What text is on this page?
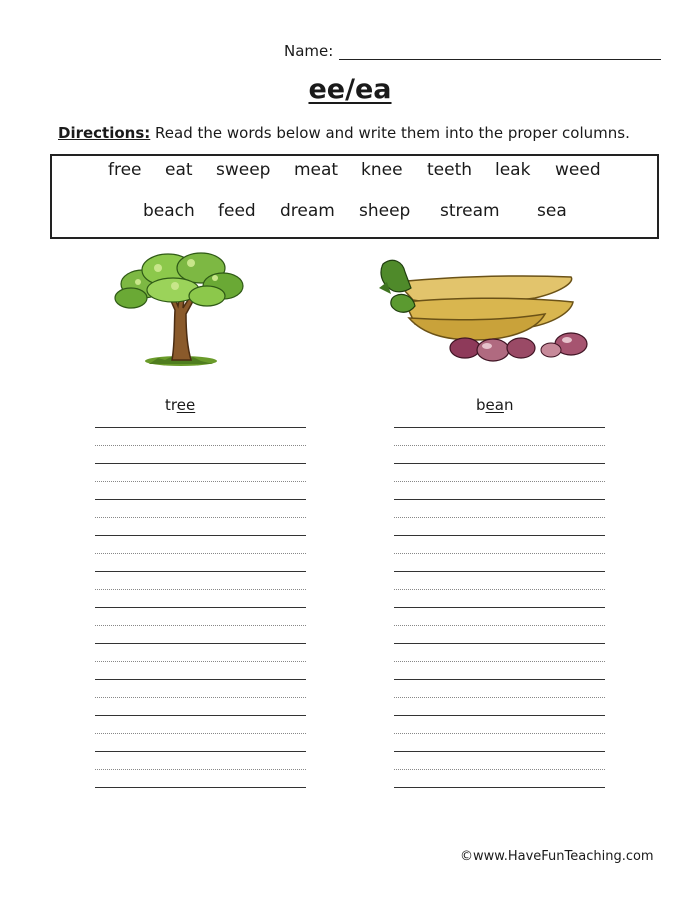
Name:
ee/ea
Directions: Read the words below and write them into the proper columns.
free eat sweep meat knee teeth leak weed
beach feed dream sheep stream sea
tree	bean
©www.HaveFunTeaching.com
